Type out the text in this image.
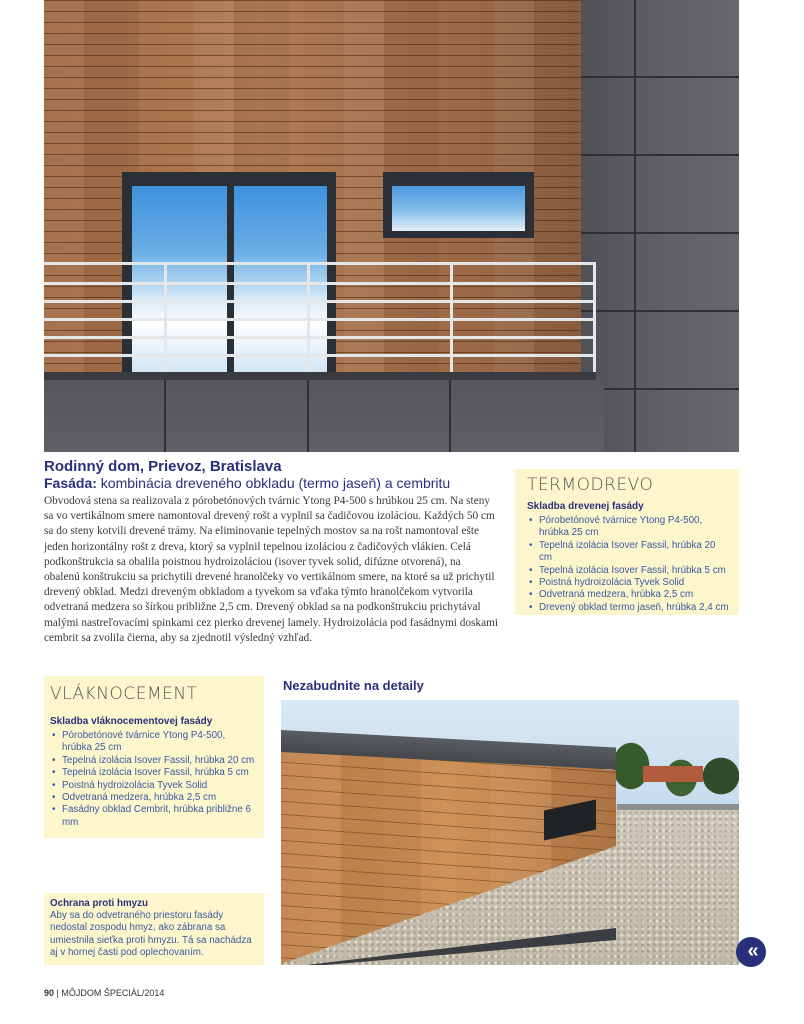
Rodinný dom, Prievoz, Bratislava
Fasáda: kombinácia dreveného obkladu (termo jaseň) a cembritu
Obvodová stena sa realizovala z pórobetónových tvárnic Ytong P4-500 s hrúbkou 25 cm. Na steny sa vo vertikálnom smere namontoval drevený rošt a vyplnil sa čadičovou izoláciou. Každých 50 cm sa do steny kotvili drevené trámy. Na eliminovanie tepelných mostov sa na rošt namontoval ešte jeden horizontálny rošt z dreva, ktorý sa vyplnil tepelnou izoláciou z čadičových vlákien. Celá podkonštrukcia sa obalila poistnou hydroizoláciou (isover tyvek solid, difúzne otvorená), na obalenú konštrukciu sa prichytili drevené hranolčeky vo vertikálnom smere, na ktoré sa už prichytil drevený obklad. Medzi dreveným obkladom a tyvekom sa vďaka týmto hranolčekom vytvorila odvetraná medzera so šírkou približne 2,5 cm. Drevený obklad sa na podkonštrukciu prichytával malými nastreľovacími spinkami cez pierko drevenej lamely. Hydroizolácia pod fasádnymi doskami cembrit sa zvolila čierna, aby sa zjednotil výsledný vzhľad.
TERMODREVO
Skladba drevenej fasády
• Pórobetónové tvárnice Ytong P4-500, hrúbka 25 cm
• Tepelná izolácia Isover Fassil, hrúbka 20 cm
• Tepelná izolácia Isover Fassil, hrúbka 5 cm
• Poistná hydroizolácia Tyvek Solid
• Odvetraná medzera, hrúbka 2,5 cm
• Drevený obklad termo jaseň, hrúbka 2,4 cm
VLÁKNOCEMENT
Skladba vláknocementovej fasády
• Pórobetónové tvárnice Ytong P4-500, hrúbka 25 cm
• Tepelná izolácia Isover Fassil, hrúbka 20 cm
• Tepelná izolácia Isover Fassil, hrúbka 5 cm
• Poistná hydroizolácia Tyvek Solid
• Odvetraná medzera, hrúbka 2,5 cm
• Fasádny obklad Cembrit, hrúbka približne 6 mm
Ochrana proti hmyzu
Aby sa do odvetraného priestoru fasády nedostal zospodu hmyz, ako zábrana sa umiestnila sieťka proti hmyzu. Tá sa nachádza aj v hornej časti pod oplechovaním.
Nezabudnite na detaily
«
90 | MÔJDOM ŠPECIÁL/2014
